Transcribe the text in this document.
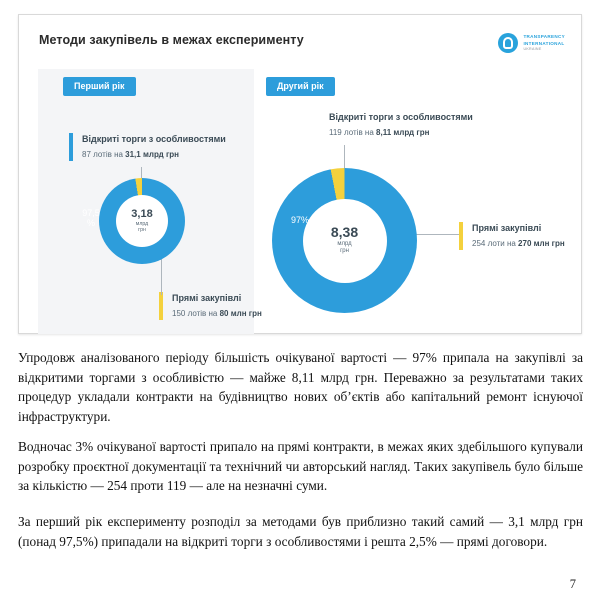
Методи закупівель в межах експерименту	TRANSPARENCY
INTERNATIONAL
UKRAINE
Перший рік	Другий рік
Відкриті торги з особливостями
87 лотів на 31,1 млрд грн
Прямі закупівлі
150 лотів на 80 млн грн
Відкриті торги з особливостями
119 лотів на 8,11 млрд грн
Прямі закупівлі
254 лоти на 270 млн грн
3,18
млрд
грн
97,5
%
8,38
млрд
грн
97%
Упродовж аналізованого періоду більшість очікуваної вартості — 97% припала на закупівлі за відкритими торгами з особливістю — майже 8,11 млрд грн. Переважно за результатами таких процедур укладали контракти на будівництво нових об’єктів або капітальний ремонт існуючої інфраструктури.
Водночас 3% очікуваної вартості припало на прямі контракти, в межах яких здебільшого купували розробку проєктної документації та технічний чи авторський нагляд. Таких закупівель було більше за кількістю — 254 проти 119 — але на незначні суми.
За перший рік експерименту розподіл за методами був приблизно такий самий — 3,1 млрд грн (понад 97,5%) припадали на відкриті торги з особливостями і решта 2,5% — прямі договори.
7
